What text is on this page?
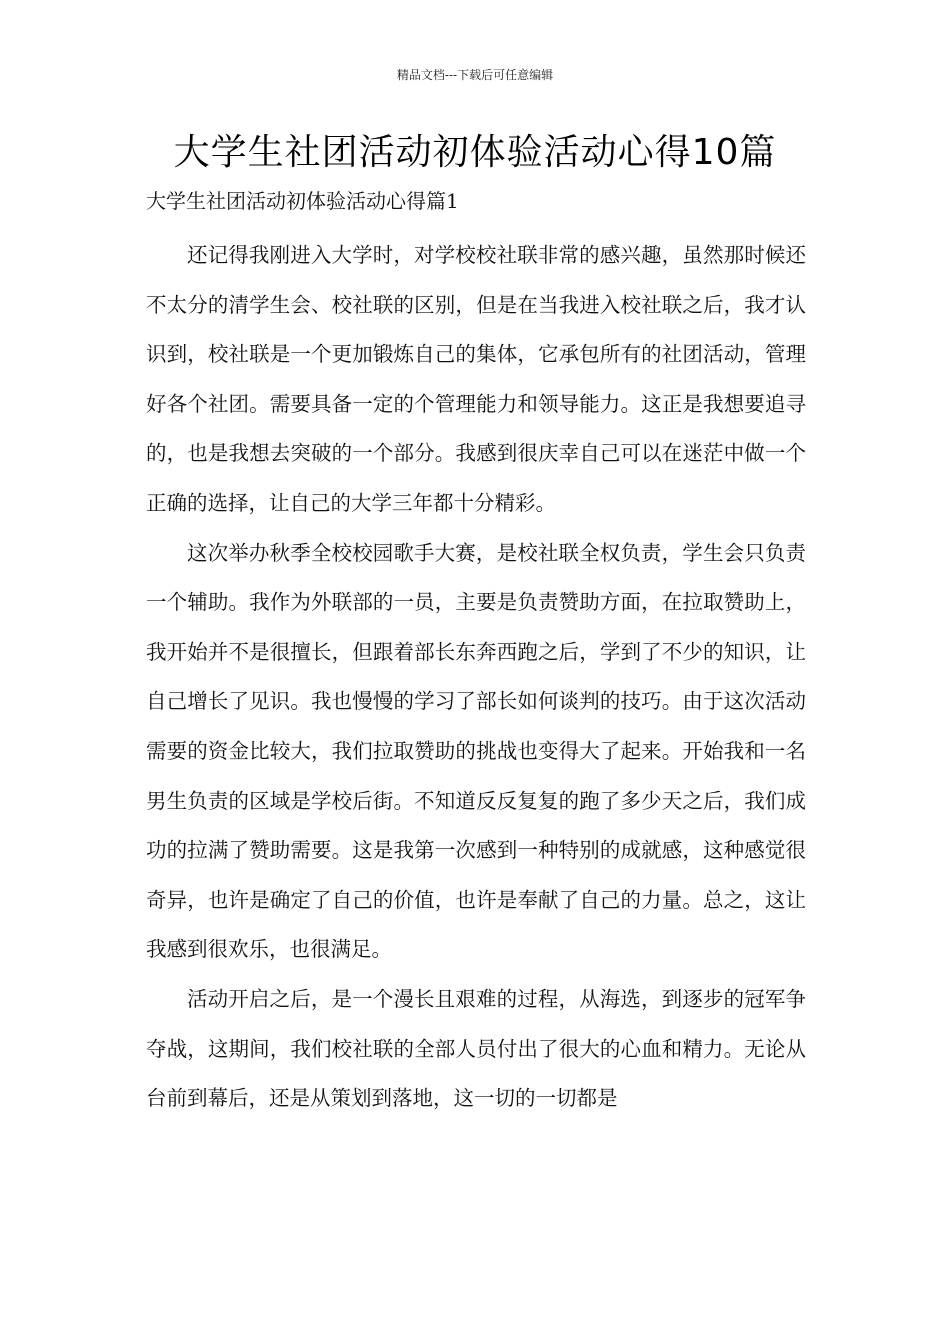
精品文档---下载后可任意编辑
大学生社团活动初体验活动心得10篇
大学生社团活动初体验活动心得篇1

还记得我刚进入大学时，对学校校社联非常的感兴趣，虽然那时候还不太分的清学生会、校社联的区别，但是在当我进入校社联之后，我才认识到，校社联是一个更加锻炼自己的集体，它承包所有的社团活动，管理好各个社团。需要具备一定的个管理能力和领导能力。这正是我想要追寻的，也是我想去突破的一个部分。我感到很庆幸自己可以在迷茫中做一个正确的选择，让自己的大学三年都十分精彩。

这次举办秋季全校校园歌手大赛，是校社联全权负责，学生会只负责一个辅助。我作为外联部的一员，主要是负责赞助方面，在拉取赞助上，我开始并不是很擅长，但跟着部长东奔西跑之后，学到了不少的知识，让自己增长了见识。我也慢慢的学习了部长如何谈判的技巧。由于这次活动需要的资金比较大，我们拉取赞助的挑战也变得大了起来。开始我和一名男生负责的区域是学校后街。不知道反反复复的跑了多少天之后，我们成功的拉满了赞助需要。这是我第一次感到一种特别的成就感，这种感觉很奇异，也许是确定了自己的价值，也许是奉献了自己的力量。总之，这让我感到很欢乐，也很满足。

活动开启之后，是一个漫长且艰难的过程，从海选，到逐步的冠军争夺战，这期间，我们校社联的全部人员付出了很大的心血和精力。无论从台前到幕后，还是从策划到落地，这一切的一切都是
